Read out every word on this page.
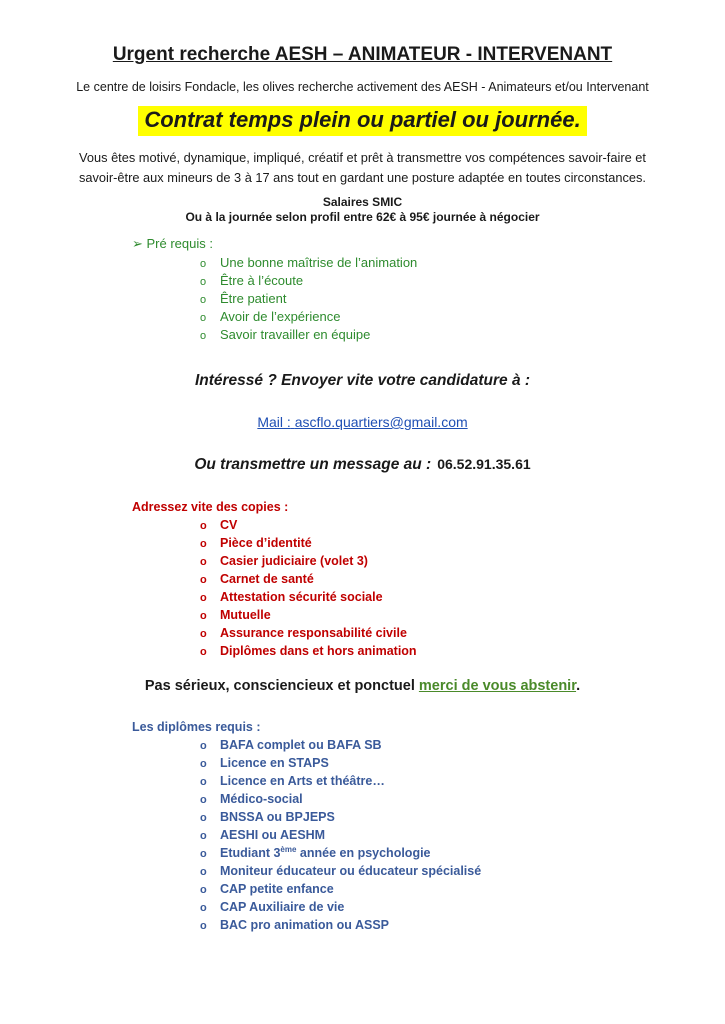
Urgent recherche AESH – ANIMATEUR - INTERVENANT
Le centre de loisirs Fondacle, les olives recherche activement des AESH - Animateurs et/ou Intervenant
Contrat temps plein ou partiel ou journée.
Vous êtes motivé, dynamique, impliqué, créatif et prêt à transmettre vos compétences savoir-faire et
savoir-être aux mineurs de 3 à 17 ans tout en gardant une posture adaptée en toutes circonstances.
Salaires SMIC
Ou à la journée selon profil entre 62€ à 95€ journée à négocier
➢ Pré requis :
o Une bonne maîtrise de l’animation
o Être à l’écoute
o Être patient
o Avoir de l’expérience
o Savoir travailler en équipe
Intéressé ? Envoyer vite votre candidature à :
Mail : ascflo.quartiers@gmail.com
Ou transmettre un message au : 06.52.91.35.61
Adressez vite des copies :
o CV
o Pièce d’identité
o Casier judiciaire (volet 3)
o Carnet de santé
o Attestation sécurité sociale
o Mutuelle
o Assurance responsabilité civile
o Diplômes dans et hors animation
Pas sérieux, consciencieux et ponctuel merci de vous abstenir.
Les diplômes requis :
o BAFA complet ou BAFA SB
o Licence en STAPS
o Licence en Arts et théâtre…
o Médico-social
o BNSSA ou BPJEPS
o AESHI ou AESHM
o Etudiant 3ème année en psychologie
o Moniteur éducateur ou éducateur spécialisé
o CAP petite enfance
o CAP Auxiliaire de vie
o BAC pro animation ou ASSP
